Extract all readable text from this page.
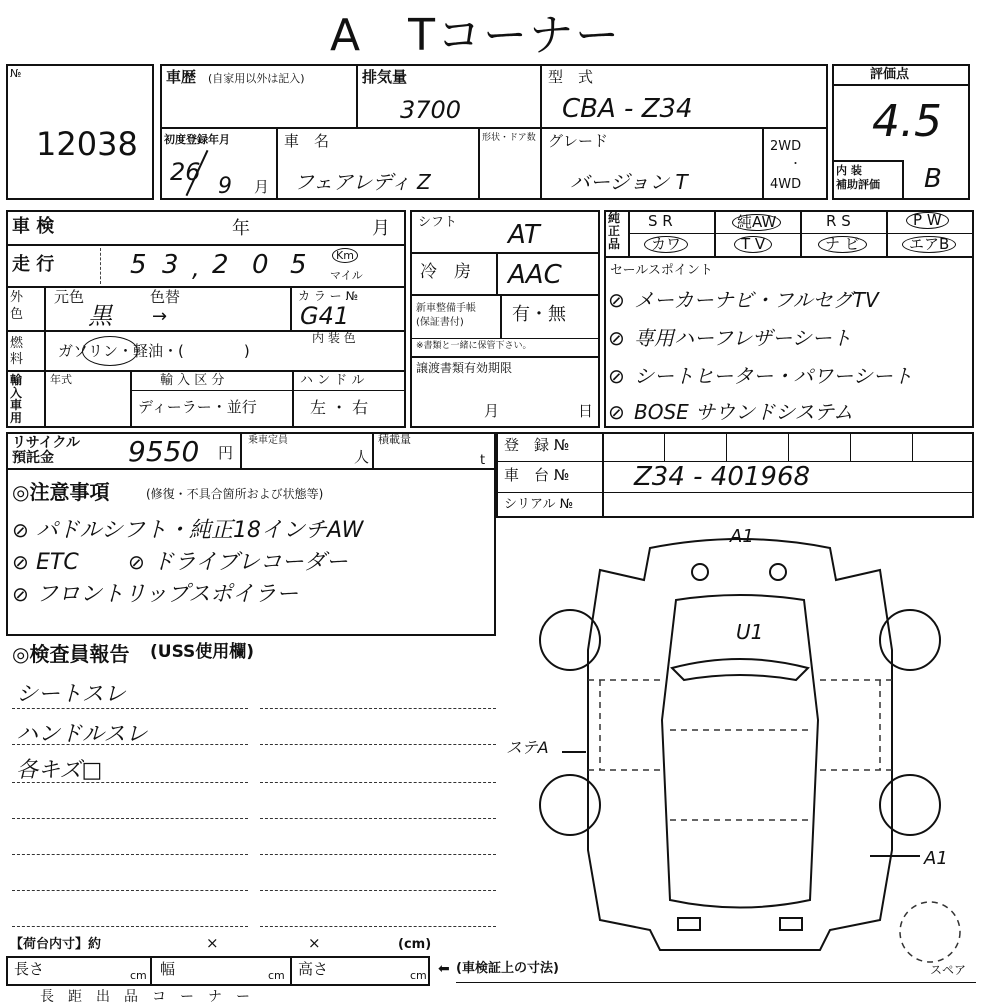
A　Tコーナー
№
12038
車歴 (自家用以外は記入)	排気量
3700
型　式
CBA - Z34
初度登録年月
26
9 月
車　名
フェアレディ Z
形状・ドア数 グレード
バージョン T
2WD
・
4WD
評価点
4.5
内 装
補助評価 B
車 検	年	月
走 行	5 3 , 2 0 5	Km
マイル
外色
元色
黒
色替
→
カ ラ ー №
G41
内 装 色
燃料	ガソリン・軽油・(　　　　)
輸入車用
年式	輸 入 区 分
ディーラー・並行
ハ ン ド ル
左 ・ 右
シフト AT
冷　房 AAC
新車整備手帳
(保証書付)	有・無
※書類と一緒に保管下さい。
譲渡書類有効期限
月	日
純正品
S R	純AW	R S	P W
カワ	T V	ナ ビ	エアB
セールスポイント
⊘ メーカーナビ・フルセグTV
⊘ 専用ハーフレザーシート
⊘ シートヒーター・パワーシート
⊘ BOSE サウンドシステム
リサイクル
預託金	9550 円
乗車定員
人
積載量
t
登　録 №
車　台 № Z34 - 401968
シリアル №
◎注意事項	(修復・不具合箇所および状態等)
⊘ パドルシフト・純正18インチAW
⊘ ETC ⊘ ドライブレコーダー
⊘ フロントリップスポイラー
◎検査員報告 (USS使用欄)
シートスレ
ハンドルスレ
各キズ□
【荷台内寸】約	×	×	(cm)
長さ	cm 幅	cm 高さ	cm ⬅ (車検証上の寸法)
長　距　出　品　コ　ー　ナ　ー
A1
U1
ステA
A1
スペア
